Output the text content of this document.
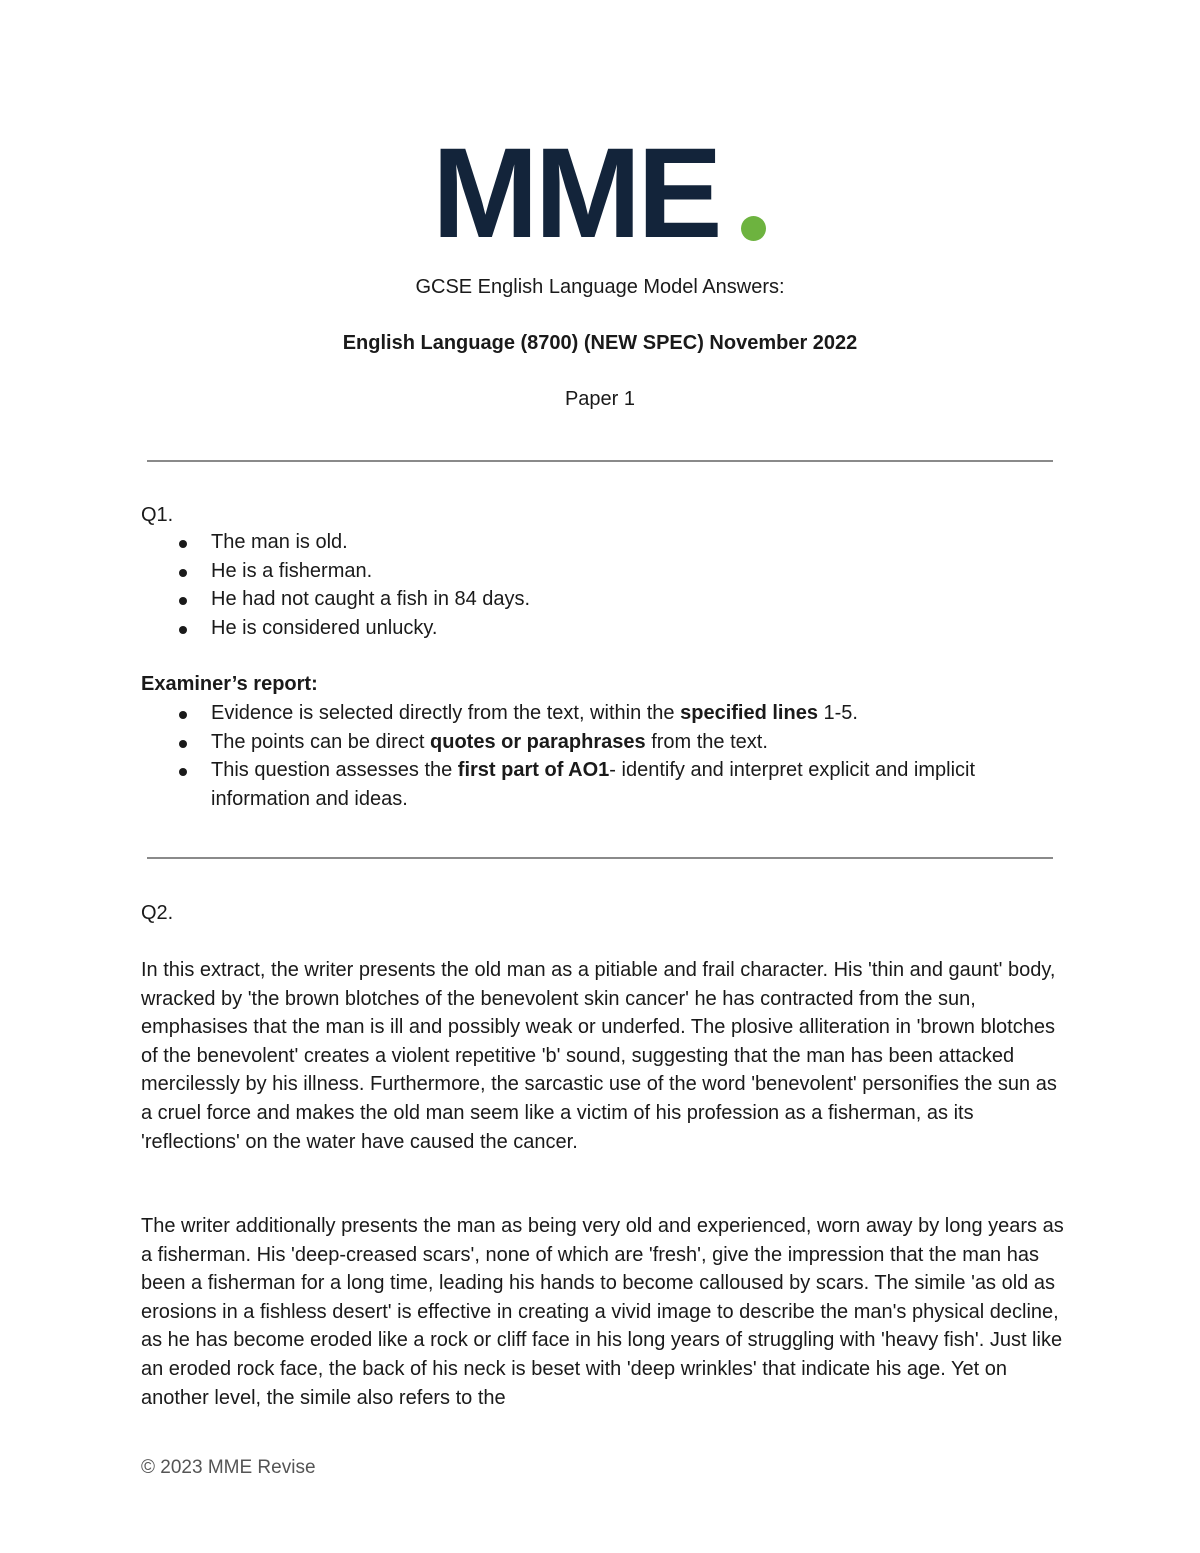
MME
GCSE English Language Model Answers:
English Language (8700) (NEW SPEC) November 2022
Paper 1
Q1.
The man is old.
He is a fisherman.
He had not caught a fish in 84 days.
He is considered unlucky.
Examiner’s report:
Evidence is selected directly from the text, within the specified lines 1-5.
The points can be direct quotes or paraphrases from the text.
This question assesses the first part of AO1- identify and interpret explicit and implicit information and ideas.
Q2.

In this extract, the writer presents the old man as a pitiable and frail character. His 'thin and gaunt' body, wracked by 'the brown blotches of the benevolent skin cancer' he has contracted from the sun, emphasises that the man is ill and possibly weak or underfed. The plosive alliteration in 'brown blotches of the benevolent' creates a violent repetitive 'b' sound, suggesting that the man has been attacked mercilessly by his illness. Furthermore, the sarcastic use of the word 'benevolent' personifies the sun as a cruel force and makes the old man seem like a victim of his profession as a fisherman, as its 'reflections' on the water have caused the cancer.

The writer additionally presents the man as being very old and experienced, worn away by long years as a fisherman. His 'deep-creased scars', none of which are 'fresh', give the impression that the man has been a fisherman for a long time, leading his hands to become calloused by scars. The simile 'as old as erosions in a fishless desert' is effective in creating a vivid image to describe the man's physical decline, as he has become eroded like a rock or cliff face in his long years of struggling with 'heavy fish'. Just like an eroded rock face, the back of his neck is beset with 'deep wrinkles' that indicate his age. Yet on another level, the simile also refers to the

© 2023 MME Revise
